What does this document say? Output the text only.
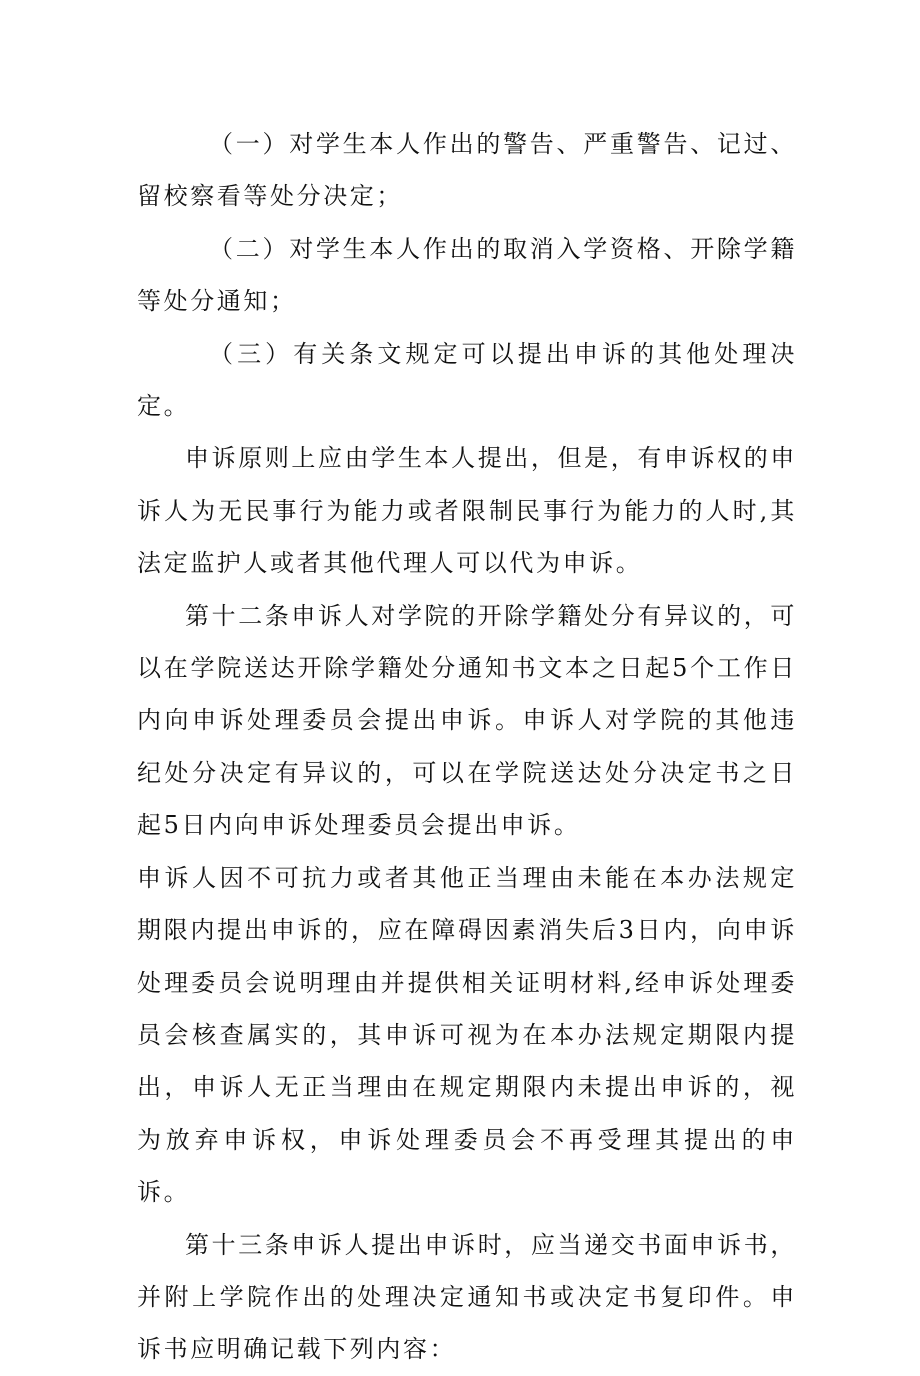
（一）对学生本人作出的警告、严重警告、记过、留校察看等处分决定；

（二）对学生本人作出的取消入学资格、开除学籍等处分通知；

（三）有关条文规定可以提出申诉的其他处理决定。

申诉原则上应由学生本人提出，但是，有申诉权的申诉人为无民事行为能力或者限制民事行为能力的人时,其法定监护人或者其他代理人可以代为申诉。

第十二条申诉人对学院的开除学籍处分有异议的，可以在学院送达开除学籍处分通知书文本之日起5个工作日内向申诉处理委员会提出申诉。申诉人对学院的其他违纪处分决定有异议的，可以在学院送达处分决定书之日起5日内向申诉处理委员会提出申诉。

申诉人因不可抗力或者其他正当理由未能在本办法规定期限内提出申诉的，应在障碍因素消失后3日内，向申诉处理委员会说明理由并提供相关证明材料,经申诉处理委员会核查属实的，其申诉可视为在本办法规定期限内提出，申诉人无正当理由在规定期限内未提出申诉的，视为放弃申诉权，申诉处理委员会不再受理其提出的申诉。

第十三条申诉人提出申诉时，应当递交书面申诉书，并附上学院作出的处理决定通知书或决定书复印件。申诉书应明确记载下列内容：
